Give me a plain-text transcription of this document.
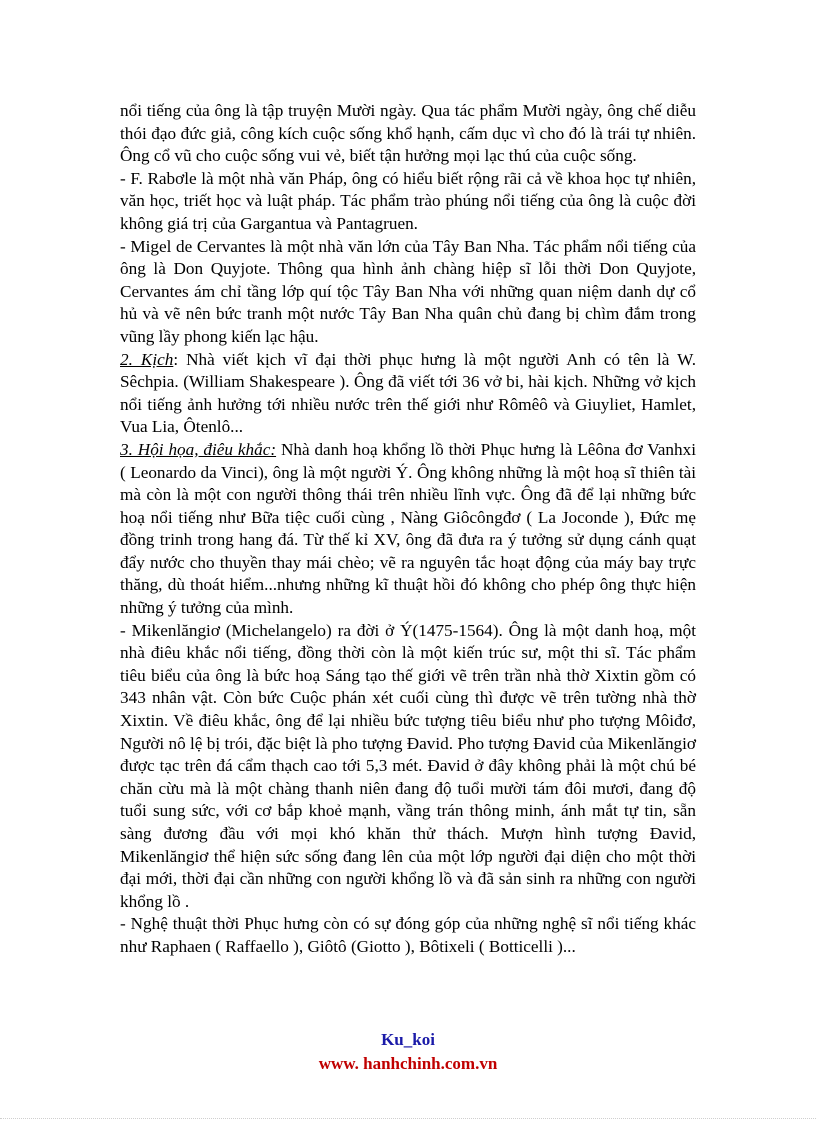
nổi tiếng của ông là tập truyện Mười ngày. Qua tác phẩm Mười ngày, ông chế diễu thói đạo đức giả, công kích cuộc sống khổ hạnh, cấm dục vì cho đó là trái tự nhiên. Ông cổ vũ cho cuộc sống vui vẻ, biết tận hưởng mọi lạc thú của cuộc sống.

- F. Rabơle là một nhà văn Pháp, ông có hiểu biết rộng rãi cả về khoa học tự nhiên, văn học, triết học và luật pháp. Tác phẩm trào phúng nổi tiếng của ông là cuộc đời không giá trị của Gargantua và Pantagruen.

- Migel de Cervantes là một nhà văn lớn của Tây Ban Nha. Tác phẩm nổi tiếng của ông là Don Quyjote. Thông qua hình ảnh chàng hiệp sĩ lỗi thời Don Quyjote, Cervantes ám chỉ tầng lớp quí tộc Tây Ban Nha với những quan niệm danh dự cổ hủ và vẽ nên bức tranh một nước Tây Ban Nha quân chủ đang bị chìm đắm trong vũng lầy phong kiến lạc hậu.

2. Kịch: Nhà viết kịch vĩ đại thời phục hưng là một người Anh có tên là W. Sêchpia. (William Shakespeare ). Ông đã viết tới 36 vở bi, hài kịch. Những vở kịch nổi tiếng ảnh hưởng tới nhiều nước trên thế giới như Rômêô và Giuyliet, Hamlet, Vua Lia, Ôtenlô...

3. Hội họa, điêu khắc: Nhà danh hoạ khổng lồ thời Phục hưng là Lêôna đơ Vanhxi ( Leonardo da Vinci), ông là một người Ý. Ông không những là một hoạ sĩ thiên tài mà còn là một con người thông thái trên nhiều lĩnh vực. Ông đã để lại những bức hoạ nổi tiếng như Bữa tiệc cuối cùng , Nàng Giôcôngđơ ( La Joconde ), Đức mẹ đồng trinh trong hang đá. Từ thế kỉ XV, ông đã đưa ra ý tưởng sử dụng cánh quạt đẩy nước cho thuyền thay mái chèo; vẽ ra nguyên tắc hoạt động của máy bay trực thăng, dù thoát hiểm...nhưng những kĩ thuật hồi đó không cho phép ông thực hiện những ý tưởng của mình.

- Mikenlăngiơ (Michelangelo) ra đời ở Ý(1475-1564). Ông là một danh hoạ, một nhà điêu khắc nổi tiếng, đồng thời còn là một kiến trúc sư, một thi sĩ. Tác phẩm tiêu biểu của ông là bức hoạ Sáng tạo thế giới vẽ trên trần nhà thờ Xixtin gồm có 343 nhân vật. Còn bức Cuộc phán xét cuối cùng thì được vẽ trên tường nhà thờ Xixtin. Về điêu khắc, ông để lại nhiều bức tượng tiêu biểu như pho tượng Môiđơ, Người nô lệ bị trói, đặc biệt là pho tượng Đavid. Pho tượng Đavid của Mikenlăngiơ được tạc trên đá cẩm thạch cao tới 5,3 mét. Đavid ở đây không phải là một chú bé chăn cừu mà là một chàng thanh niên đang độ tuổi mười tám đôi mươi, đang độ tuổi sung sức, với cơ bắp khoẻ mạnh, vầng trán thông minh, ánh mắt tự tin, sẵn sàng đương đầu với mọi khó khăn thử thách. Mượn hình tượng Đavid, Mikenlăngiơ thể hiện sức sống đang lên của một lớp người đại diện cho một thời đại mới, thời đại cần những con người khổng lồ và đã sản sinh ra những con người khổng lồ .

- Nghệ thuật thời Phục hưng còn có sự đóng góp của những nghệ sĩ nổi tiếng khác như Raphaen ( Raffaello ), Giôtô (Giotto ), Bôtixeli ( Botticelli )...

Ku_koi
www. hanhchinh.com.vn
